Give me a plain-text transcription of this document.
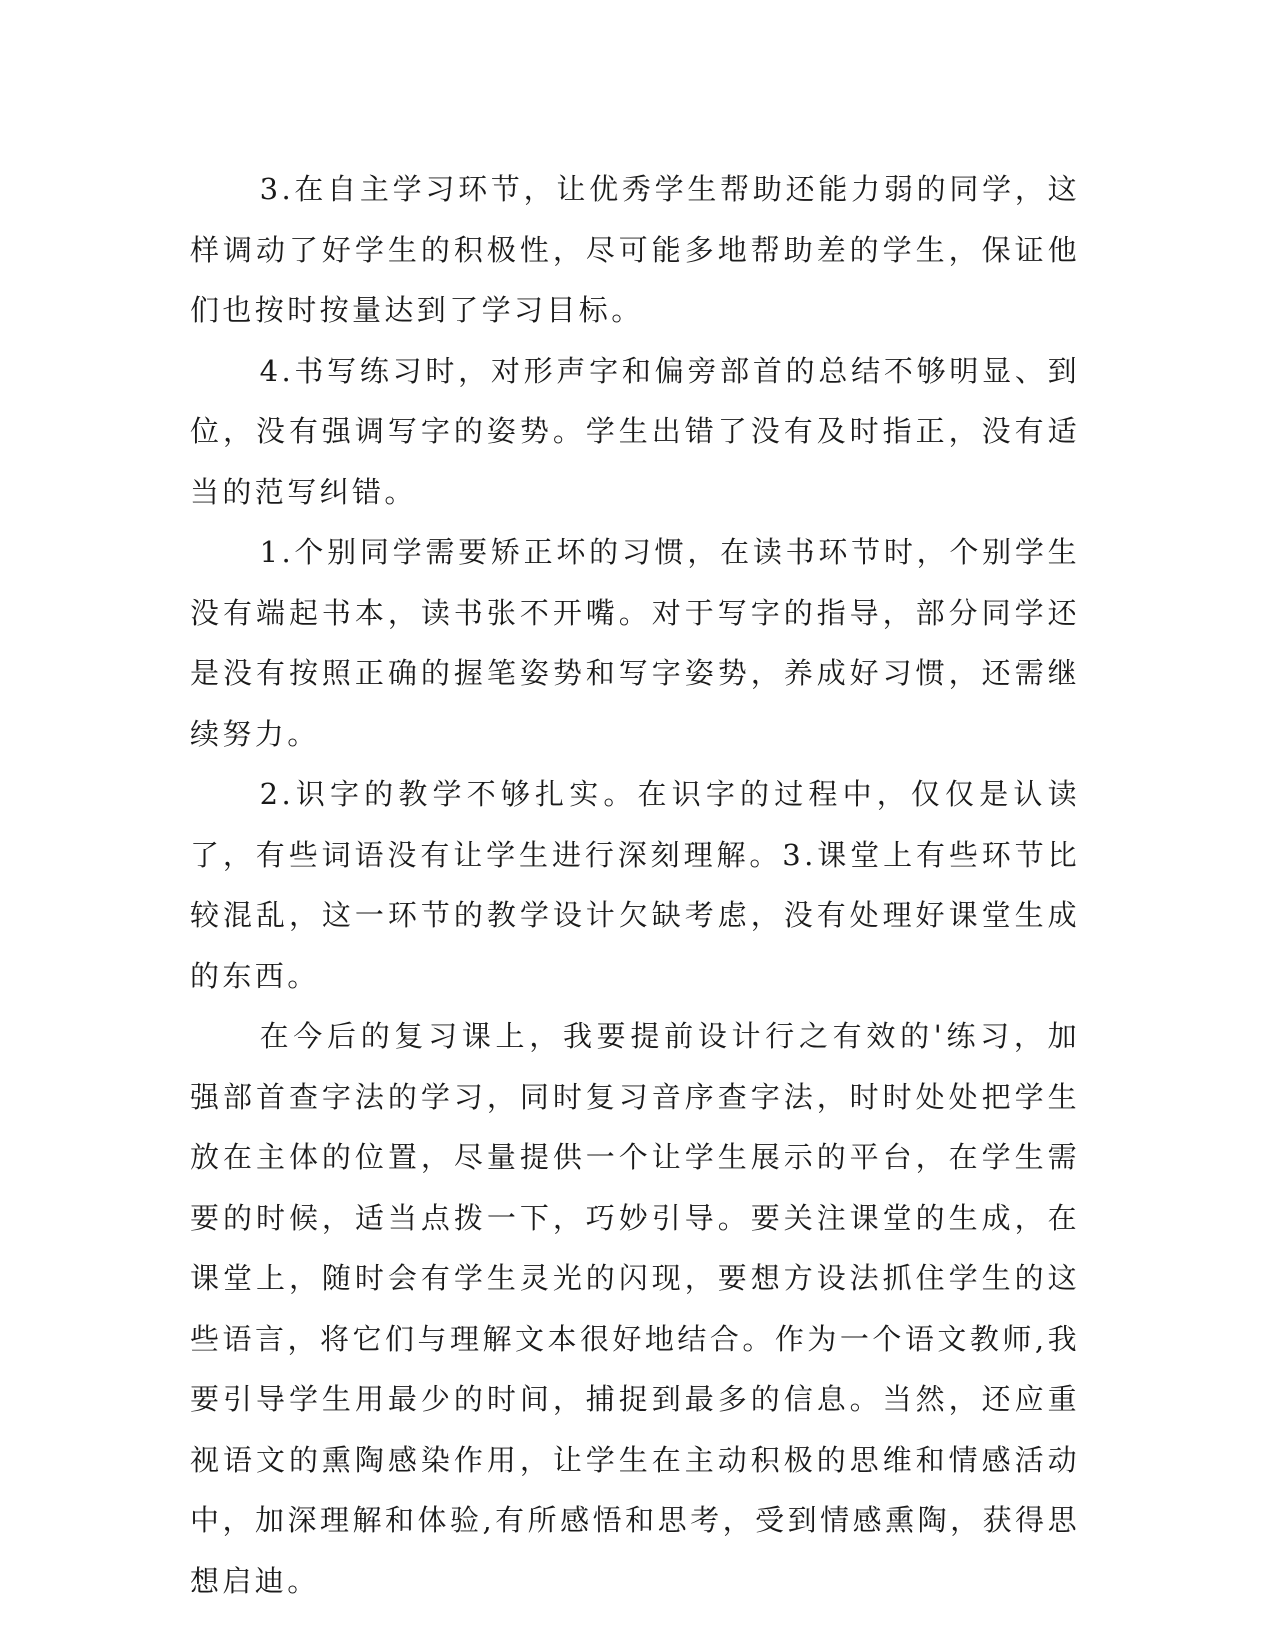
3.在自主学习环节，让优秀学生帮助还能力弱的同学，这样调动了好学生的积极性，尽可能多地帮助差的学生，保证他们也按时按量达到了学习目标。

4.书写练习时，对形声字和偏旁部首的总结不够明显、到位，没有强调写字的姿势。学生出错了没有及时指正，没有适当的范写纠错。

1.个别同学需要矫正坏的习惯，在读书环节时，个别学生没有端起书本，读书张不开嘴。对于写字的指导，部分同学还是没有按照正确的握笔姿势和写字姿势，养成好习惯，还需继续努力。

2.识字的教学不够扎实。在识字的过程中，仅仅是认读了，有些词语没有让学生进行深刻理解。3.课堂上有些环节比较混乱，这一环节的教学设计欠缺考虑，没有处理好课堂生成的东西。

在今后的复习课上，我要提前设计行之有效的'练习，加强部首查字法的学习，同时复习音序查字法，时时处处把学生放在主体的位置，尽量提供一个让学生展示的平台，在学生需要的时候，适当点拨一下，巧妙引导。要关注课堂的生成，在课堂上，随时会有学生灵光的闪现，要想方设法抓住学生的这些语言，将它们与理解文本很好地结合。作为一个语文教师,我要引导学生用最少的时间，捕捉到最多的信息。当然，还应重视语文的熏陶感染作用，让学生在主动积极的思维和情感活动中，加深理解和体验,有所感悟和思考，受到情感熏陶，获得思想启迪。
